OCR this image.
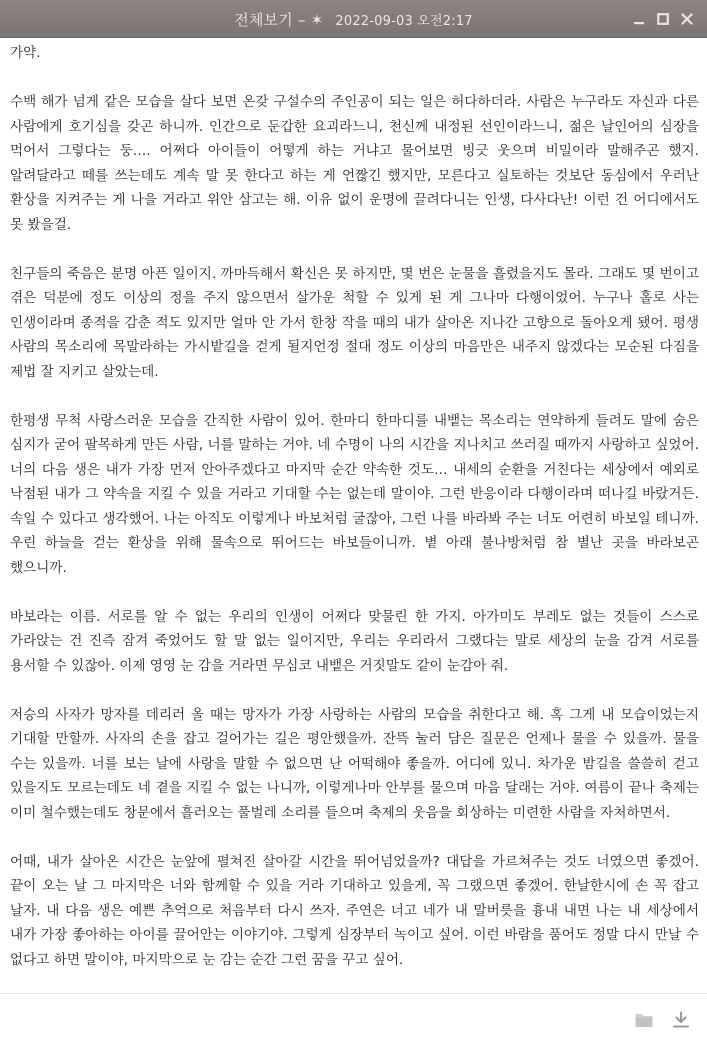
전체보기 – ✶ 2022-09-03 오전2:17

가약.

수백 해가 넘게 같은 모습을 살다 보면 온갖 구설수의 주인공이 되는 일은 허다하더라. 사람은 누구라도 자신과 다른 사람에게 호기심을 갖곤 하니까. 인간으로 둔갑한 요괴라느니, 천신께 내정된 선인이라느니, 젊은 날인어의 심장을 먹어서 그렇다는 둥…. 어쩌다 아이들이 어떻게 하는 거냐고 물어보면 빙긋 웃으며 비밀이라 말해주곤 했지. 알려달라고 떼를 쓰는데도 계속 말 못 한다고 하는 게 언짢긴 했지만, 모른다고 실토하는 것보단 동심에서 우러난 환상을 지켜주는 게 나을 거라고 위안 삼고는 해. 이유 없이 운명에 끌려다니는 인생, 다사다난! 이런 건 어디에서도 못 봤을걸.

친구들의 죽음은 분명 아픈 일이지. 까마득해서 확신은 못 하지만, 몇 번은 눈물을 흘렸을지도 몰라. 그래도 몇 번이고 겪은 덕분에 정도 이상의 정을 주지 않으면서 살가운 척할 수 있게 된 게 그나마 다행이었어. 누구나 홀로 사는 인생이라며 종적을 감춘 적도 있지만 얼마 안 가서 한창 작을 때의 내가 살아온 지나간 고향으로 돌아오게 됐어. 평생 사람의 목소리에 목말라하는 가시밭길을 걷게 될지언정 절대 정도 이상의 마음만은 내주지 않겠다는 모순된 다짐을 제법 잘 지키고 살았는데.

한평생 무척 사랑스러운 모습을 간직한 사람이 있어. 한마디 한마디를 내뱉는 목소리는 연약하게 들려도 말에 숨은 심지가 굳어 팔목하게 만든 사람, 너를 말하는 거야. 네 수명이 나의 시간을 지나치고 쓰러질 때까지 사랑하고 싶었어. 너의 다음 생은 내가 가장 먼저 안아주겠다고 마지막 순간 약속한 것도… 내세의 순환을 거친다는 세상에서 예외로 낙점된 내가 그 약속을 지킬 수 있을 거라고 기대할 수는 없는데 말이야. 그런 반응이라 다행이라며 떠나길 바랐거든. 속일 수 있다고 생각했어. 나는 아직도 이렇게나 바보처럼 굴잖아, 그런 나를 바라봐 주는 너도 어련히 바보일 테니까. 우린 하늘을 걷는 환상을 위해 물속으로 뛰어드는 바보들이니까. 볕 아래 불나방처럼 참 별난 곳을 바라보곤 했으니까.

바보라는 이름. 서로를 알 수 없는 우리의 인생이 어쩌다 맞물린 한 가지. 아가미도 부레도 없는 것들이 스스로 가라앉는 건 진즉 잠겨 죽었어도 할 말 없는 일이지만, 우리는 우리라서 그랬다는 말로 세상의 눈을 감겨 서로를 용서할 수 있잖아. 이제 영영 눈 감을 거라면 무심코 내뱉은 거짓말도 같이 눈감아 줘.

저승의 사자가 망자를 데리러 올 때는 망자가 가장 사랑하는 사람의 모습을 취한다고 해. 혹 그게 내 모습이었는지 기대할 만할까. 사자의 손을 잡고 걸어가는 길은 평안했을까. 잔뜩 눌러 담은 질문은 언제나 물을 수 있을까. 물을 수는 있을까. 너를 보는 날에 사랑을 말할 수 없으면 난 어떡해야 좋을까. 어디에 있니. 차가운 밤길을 쓸쓸히 걷고 있을지도 모르는데도 네 곁을 지킬 수 없는 나니까, 이렇게나마 안부를 물으며 마음 달래는 거야. 여름이 끝나 축제는 이미 철수했는데도 창문에서 흘러오는 풀벌레 소리를 들으며 축제의 웃음을 회상하는 미련한 사람을 자처하면서.

어때, 내가 살아온 시간은 눈앞에 펼쳐진 살아갈 시간을 뛰어넘었을까? 대답을 가르쳐주는 것도 너였으면 좋겠어. 끝이 오는 날 그 마지막은 너와 함께할 수 있을 거라 기대하고 있을게, 꼭 그랬으면 좋겠어. 한날한시에 손 꼭 잡고 날자. 내 다음 생은 예쁜 추억으로 처음부터 다시 쓰자. 주연은 너고 네가 내 말버릇을 흉내 내면 나는 내 세상에서 내가 가장 좋아하는 아이를 끌어안는 이야기야. 그렇게 심장부터 녹이고 싶어. 이런 바람을 품어도 정말 다시 만날 수 없다고 하면 말이야, 마지막으로 눈 감는 순간 그런 꿈을 꾸고 싶어.
